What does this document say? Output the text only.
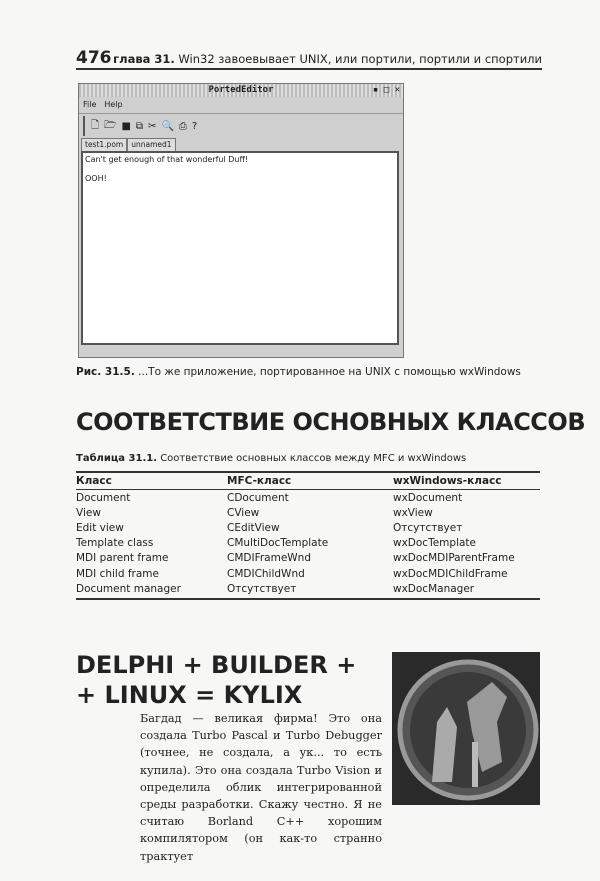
476 глава 31. Win32 завоевывает UNIX, или портили, портили и спортили
PortedEditor	▪ □ ✕
File Help
🗋 🗁 ■ ⧉ ✂ 🔍 ⎙ ?
test1.pom	unnamed1

Can't get enough of that wonderful Duff!

OOH!

Рис. 31.5. ...То же приложение, портированное на UNIX с помощью wxWindows
СООТВЕТСТВИЕ ОСНОВНЫХ КЛАССОВ
Таблица 31.1. Соответствие основных классов между MFC и wxWindows
Класс	MFC-класс	wxWindows-класс
Document	CDocument	wxDocument
View	CView	wxView
Edit view	CEditView	Отсутствует
Template class	CMultiDocTemplate	wxDocTemplate
MDI parent frame	CMDIFrameWnd	wxDocMDIParentFrame
MDI child frame	CMDIChildWnd	wxDocMDIChildFrame
Document manager	Отсутствует	wxDocManager
DELPHI + BUILDER +
+ LINUX = KYLIX
Багдад — великая фирма! Это она создала Turbo Pascal и Turbo Debugger (точнее, не создала, а ук... то есть купила). Это она создала Turbo Vision и определила облик интегрированной среды разработки. Скажу честно. Я не считаю Borland C++ хорошим компилятором (он как-то странно трактует
